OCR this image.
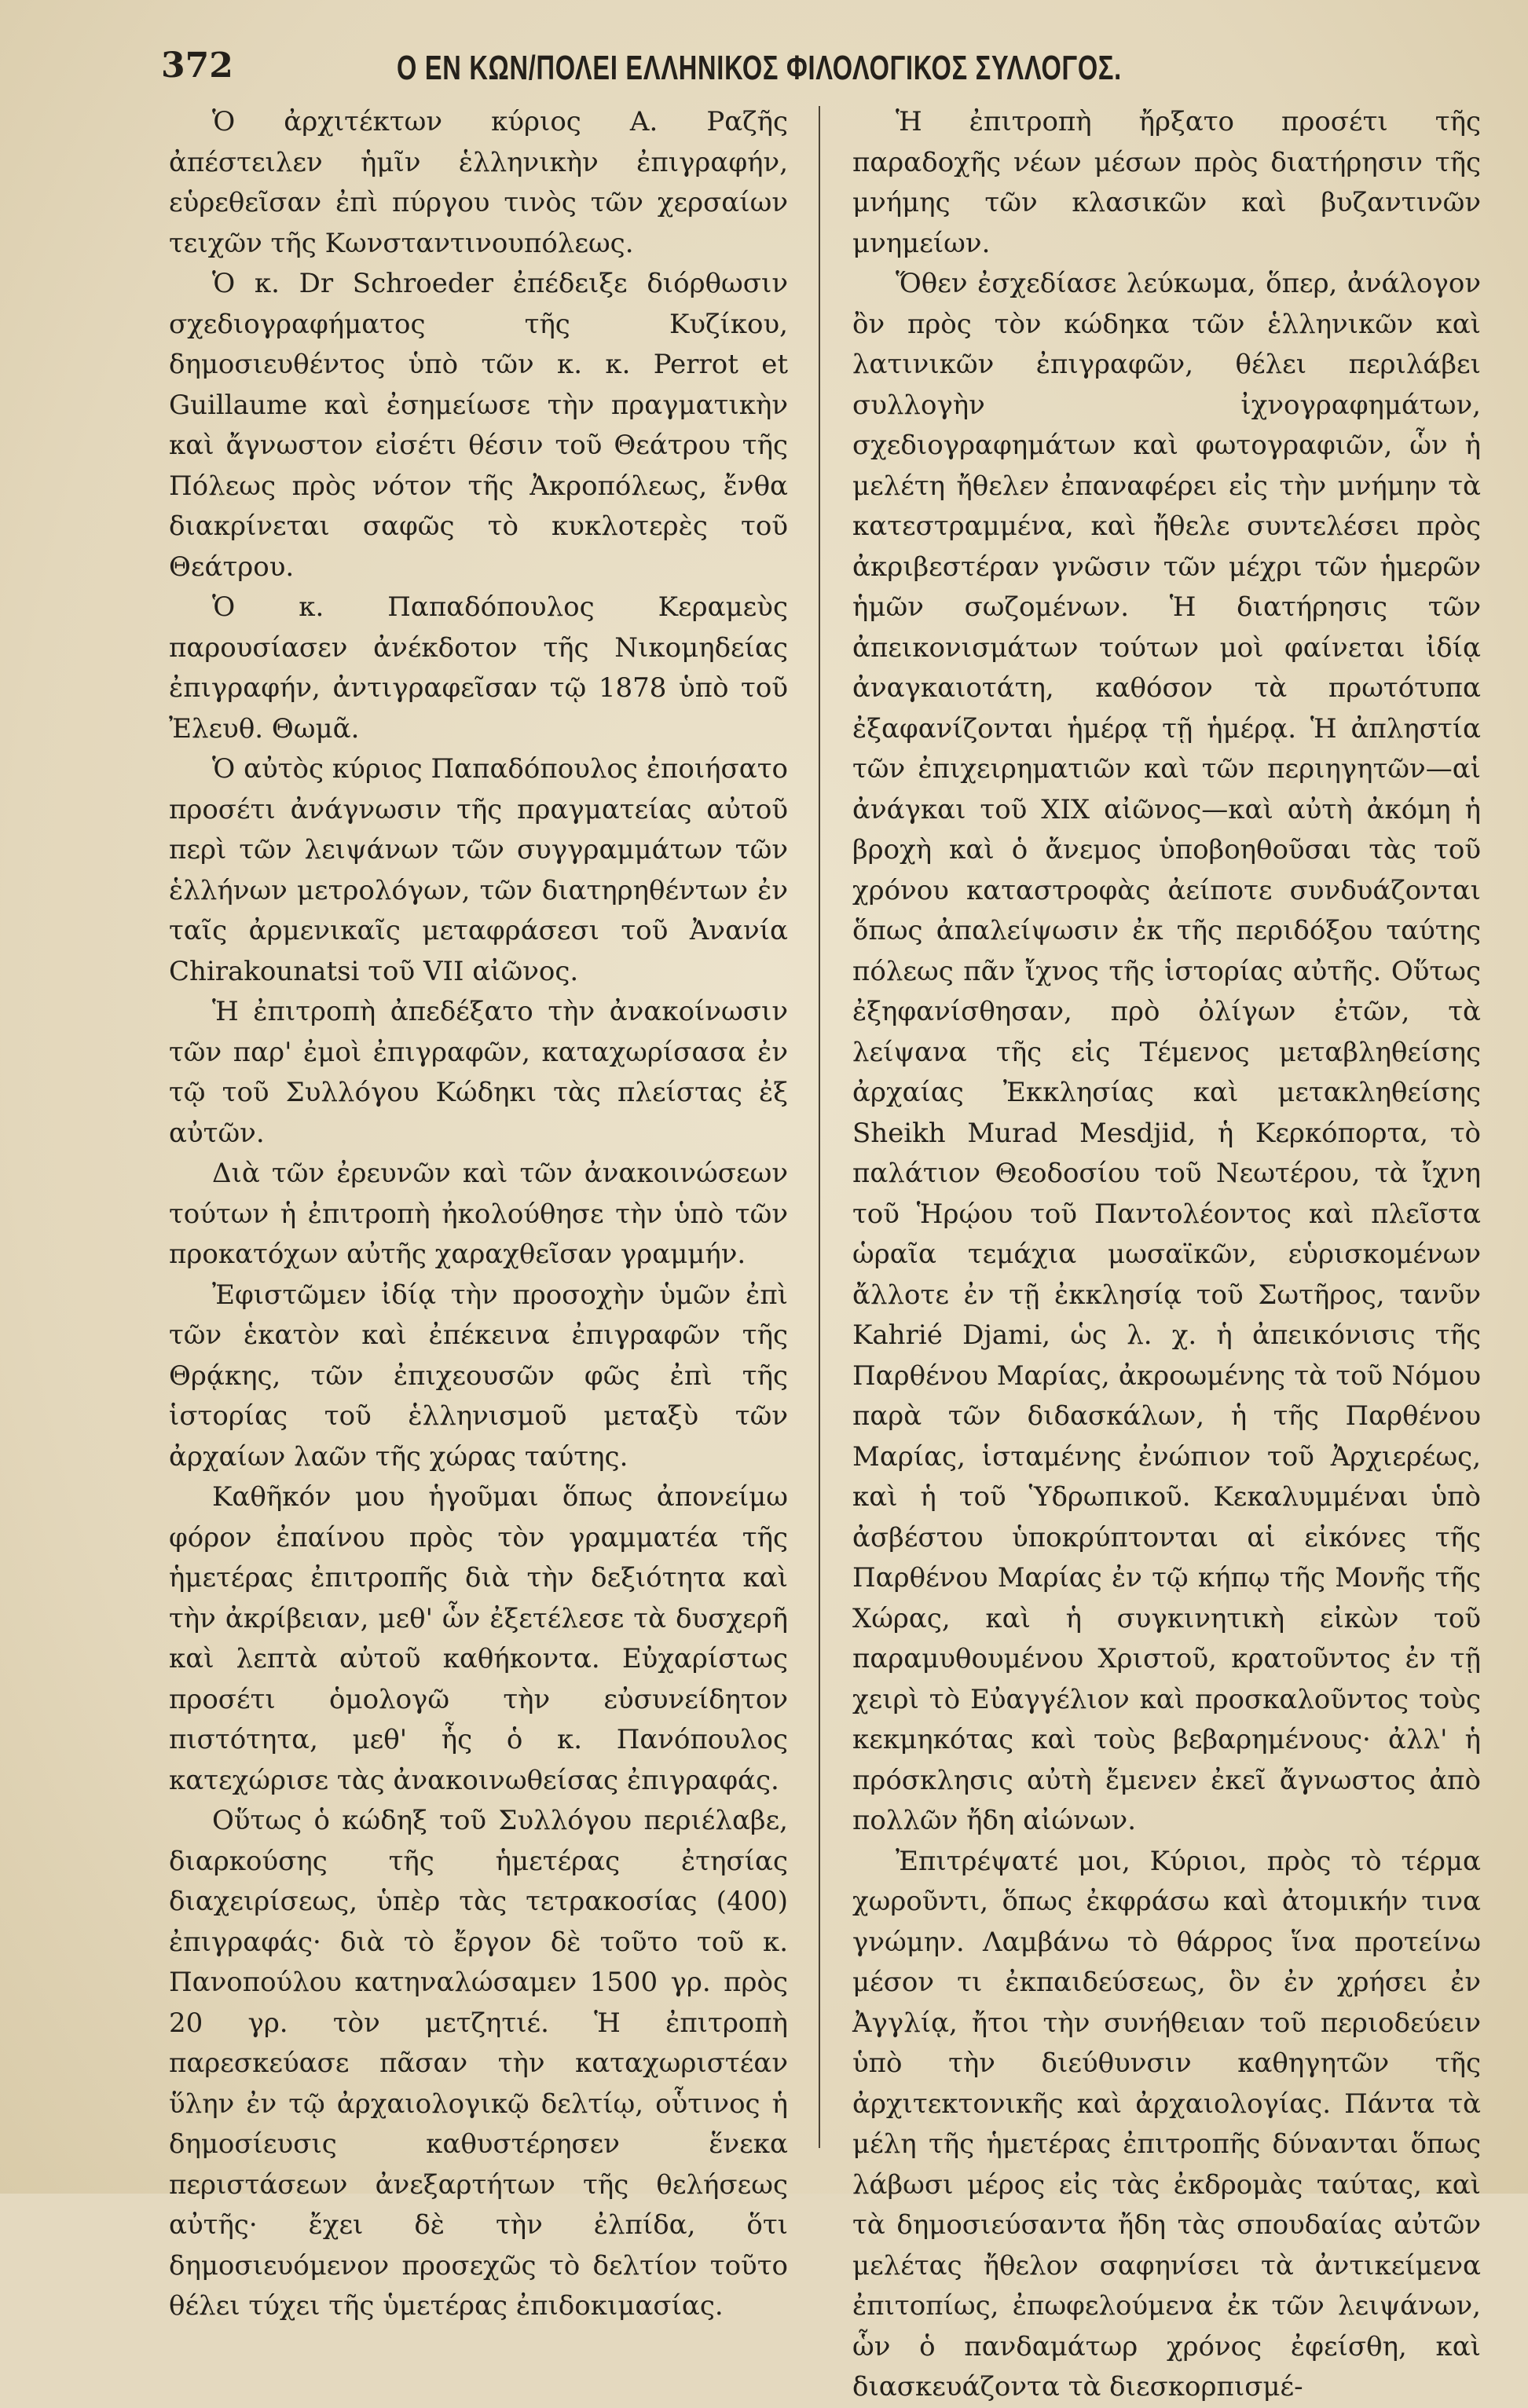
372	Ο ΕΝ ΚΩΝ/ΠΟΛΕΙ ΕΛΛΗΝΙΚΟΣ ΦΙΛΟΛΟΓΙΚΟΣ ΣΥΛΛΟΓΟΣ.

Ὁ ἀρχιτέκτων κύριος Α. Ραζῆς ἀπέστειλεν ἡμῖν ἑλληνικὴν ἐπιγραφήν, εὑρεθεῖσαν ἐπὶ πύργου τινὸς τῶν χερσαίων τειχῶν τῆς Κωνσταντινουπόλεως.

Ὁ κ. Dr Schroeder ἐπέδειξε διόρθωσιν σχεδιογραφήματος τῆς Κυζίκου, δημοσιευθέντος ὑπὸ τῶν κ. κ. Perrot et Guillaume καὶ ἐσημείωσε τὴν πραγματικὴν καὶ ἄγνωστον εἰσέτι θέσιν τοῦ Θεάτρου τῆς Πόλεως πρὸς νότον τῆς Ἀκροπόλεως, ἔνθα διακρίνεται σαφῶς τὸ κυκλοτερὲς τοῦ Θεάτρου.

Ὁ κ. Παπαδόπουλος Κεραμεὺς παρουσίασεν ἀνέκδοτον τῆς Νικομηδείας ἐπιγραφήν, ἀντιγραφεῖσαν τῷ 1878 ὑπὸ τοῦ Ἐλευθ. Θωμᾶ.

Ὁ αὐτὸς κύριος Παπαδόπουλος ἐποιήσατο προσέτι ἀνάγνωσιν τῆς πραγματείας αὐτοῦ περὶ τῶν λειψάνων τῶν συγγραμμάτων τῶν ἑλλήνων μετρολόγων, τῶν διατηρηθέντων ἐν ταῖς ἀρμενικαῖς μεταφράσεσι τοῦ Ἀνανία Chirakounatsi τοῦ VII αἰῶνος.

Ἡ ἐπιτροπὴ ἀπεδέξατο τὴν ἀνακοίνωσιν τῶν παρ' ἐμοὶ ἐπιγραφῶν, καταχωρίσασα ἐν τῷ τοῦ Συλλόγου Κώδηκι τὰς πλείστας ἐξ αὐτῶν.

Διὰ τῶν ἐρευνῶν καὶ τῶν ἀνακοινώσεων τούτων ἡ ἐπιτροπὴ ἠκολούθησε τὴν ὑπὸ τῶν προκατόχων αὐτῆς χαραχθεῖσαν γραμμήν.

Ἐφιστῶμεν ἰδίᾳ τὴν προσοχὴν ὑμῶν ἐπὶ τῶν ἑκατὸν καὶ ἐπέκεινα ἐπιγραφῶν τῆς Θρᾴκης, τῶν ἐπιχεουσῶν φῶς ἐπὶ τῆς ἱστορίας τοῦ ἑλληνισμοῦ μεταξὺ τῶν ἀρχαίων λαῶν τῆς χώρας ταύτης.

Καθῆκόν μου ἡγοῦμαι ὅπως ἀπονείμω φόρον ἐπαίνου πρὸς τὸν γραμματέα τῆς ἡμετέρας ἐπιτροπῆς διὰ τὴν δεξιότητα καὶ τὴν ἀκρίβειαν, μεθ' ὧν ἐξετέλεσε τὰ δυσχερῆ καὶ λεπτὰ αὐτοῦ καθήκοντα. Εὐχαρίστως προσέτι ὁμολογῶ τὴν εὐσυνείδητον πιστότητα, μεθ' ἧς ὁ κ. Πανόπουλος κατεχώρισε τὰς ἀνακοινωθείσας ἐπιγραφάς.

Οὕτως ὁ κώδηξ τοῦ Συλλόγου περιέλαβε, διαρκούσης τῆς ἡμετέρας ἐτησίας διαχειρίσεως, ὑπὲρ τὰς τετρακοσίας (400) ἐπιγραφάς· διὰ τὸ ἔργον δὲ τοῦτο τοῦ κ. Πανοπούλου κατηναλώσαμεν 1500 γρ. πρὸς 20 γρ. τὸν μετζητιέ. Ἡ ἐπιτροπὴ παρεσκεύασε πᾶσαν τὴν καταχωριστέαν ὕλην ἐν τῷ ἀρχαιολογικῷ δελτίῳ, οὗτινος ἡ δημοσίευσις καθυστέρησεν ἕνεκα περιστάσεων ἀνεξαρτήτων τῆς θελήσεως αὐτῆς· ἔχει δὲ τὴν ἐλπίδα, ὅτι δημοσιευόμενον προσεχῶς τὸ δελτίον τοῦτο θέλει τύχει τῆς ὑμετέρας ἐπιδοκιμασίας.

Ἡ ἐπιτροπὴ ἤρξατο προσέτι τῆς παραδοχῆς νέων μέσων πρὸς διατήρησιν τῆς μνήμης τῶν κλασικῶν καὶ βυζαντινῶν μνημείων.

Ὅθεν ἐσχεδίασε λεύκωμα, ὅπερ, ἀνάλογον ὂν πρὸς τὸν κώδηκα τῶν ἑλληνικῶν καὶ λατινικῶν ἐπιγραφῶν, θέλει περιλάβει συλλογὴν ἰχνογραφημάτων, σχεδιογραφημάτων καὶ φωτογραφιῶν, ὧν ἡ μελέτη ἤθελεν ἐπαναφέρει εἰς τὴν μνήμην τὰ κατεστραμμένα, καὶ ἤθελε συντελέσει πρὸς ἀκριβεστέραν γνῶσιν τῶν μέχρι τῶν ἡμερῶν ἡμῶν σωζομένων. Ἡ διατήρησις τῶν ἀπεικονισμάτων τούτων μοὶ φαίνεται ἰδίᾳ ἀναγκαιοτάτη, καθόσον τὰ πρωτότυπα ἐξαφανίζονται ἡμέρᾳ τῇ ἡμέρᾳ. Ἡ ἀπληστία τῶν ἐπιχειρηματιῶν καὶ τῶν περιηγητῶν—αἱ ἀνάγκαι τοῦ XIX αἰῶνος—καὶ αὐτὴ ἀκόμη ἡ βροχὴ καὶ ὁ ἄνεμος ὑποβοηθοῦσαι τὰς τοῦ χρόνου καταστροφὰς ἀείποτε συνδυάζονται ὅπως ἀπαλείψωσιν ἐκ τῆς περιδόξου ταύτης πόλεως πᾶν ἴχνος τῆς ἱστορίας αὐτῆς. Οὕτως ἐξηφανίσθησαν, πρὸ ὀλίγων ἐτῶν, τὰ λείψανα τῆς εἰς Τέμενος μεταβληθείσης ἀρχαίας Ἐκκλησίας καὶ μετακληθείσης Sheikh Murad Mesdjid, ἡ Κερκόπορτα, τὸ παλάτιον Θεοδοσίου τοῦ Νεωτέρου, τὰ ἴχνη τοῦ Ἡρῴου τοῦ Παντολέοντος καὶ πλεῖστα ὡραῖα τεμάχια μωσαϊκῶν, εὑρισκομένων ἄλλοτε ἐν τῇ ἐκκλησίᾳ τοῦ Σωτῆρος, τανῦν Kahrié Djami, ὡς λ. χ. ἡ ἀπεικόνισις τῆς Παρθένου Μαρίας, ἀκροωμένης τὰ τοῦ Νόμου παρὰ τῶν διδασκάλων, ἡ τῆς Παρθένου Μαρίας, ἱσταμένης ἐνώπιον τοῦ Ἀρχιερέως, καὶ ἡ τοῦ Ὑδρωπικοῦ. Κεκαλυμμέναι ὑπὸ ἀσβέστου ὑποκρύπτονται αἱ εἰκόνες τῆς Παρθένου Μαρίας ἐν τῷ κήπῳ τῆς Μονῆς τῆς Χώρας, καὶ ἡ συγκινητικὴ εἰκὼν τοῦ παραμυθουμένου Χριστοῦ, κρατοῦντος ἐν τῇ χειρὶ τὸ Εὐαγγέλιον καὶ προσκαλοῦντος τοὺς κεκμηκότας καὶ τοὺς βεβαρημένους· ἀλλ' ἡ πρόσκλησις αὐτὴ ἔμενεν ἐκεῖ ἄγνωστος ἀπὸ πολλῶν ἤδη αἰώνων.

Ἐπιτρέψατέ μοι, Κύριοι, πρὸς τὸ τέρμα χωροῦντι, ὅπως ἐκφράσω καὶ ἀτομικήν τινα γνώμην. Λαμβάνω τὸ θάρρος ἵνα προτείνω μέσον τι ἐκπαιδεύσεως, ὃν ἐν χρήσει ἐν Ἀγγλίᾳ, ἤτοι τὴν συνήθειαν τοῦ περιοδεύειν ὑπὸ τὴν διεύθυνσιν καθηγητῶν τῆς ἀρχιτεκτονικῆς καὶ ἀρχαιολογίας. Πάντα τὰ μέλη τῆς ἡμετέρας ἐπιτροπῆς δύνανται ὅπως λάβωσι μέρος εἰς τὰς ἐκδρομὰς ταύτας, καὶ τὰ δημοσιεύσαντα ἤδη τὰς σπουδαίας αὐτῶν μελέτας ἤθελον σαφηνίσει τὰ ἀντικείμενα ἐπιτοπίως, ἐπωφελούμενα ἐκ τῶν λειψάνων, ὧν ὁ πανδαμάτωρ χρόνος ἐφείσθη, καὶ διασκευάζοντα τὰ διεσκορπισμέ-
